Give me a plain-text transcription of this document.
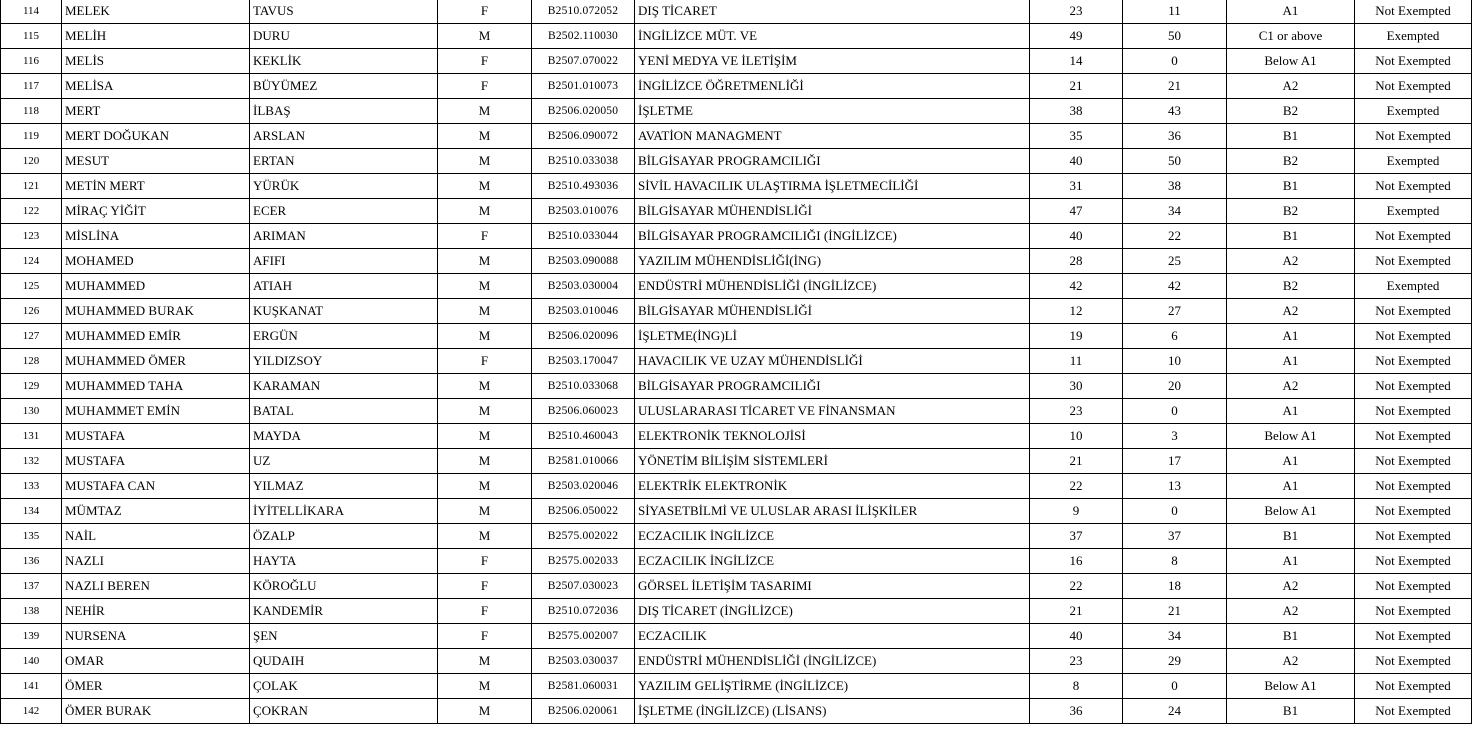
114	MELEK	TAVUS	F	B2510.072052	DIŞ TİCARET	23	11	A1	Not Exempted
115	MELİH	DURU	M	B2502.110030	İNGİLİZCE MÜT. VE	49	50	C1 or above	Exempted
116	MELİS	KEKLİK	F	B2507.070022	YENİ MEDYA VE İLETİŞİM	14	0	Below A1	Not Exempted
117	MELİSA	BÜYÜMEZ	F	B2501.010073	İNGİLİZCE ÖĞRETMENLİĞİ	21	21	A2	Not Exempted
118	MERT	İLBAŞ	M	B2506.020050	İŞLETME	38	43	B2	Exempted
119	MERT DOĞUKAN	ARSLAN	M	B2506.090072	AVATİON MANAGMENT	35	36	B1	Not Exempted
120	MESUT	ERTAN	M	B2510.033038	BİLGİSAYAR PROGRAMCILIĞI	40	50	B2	Exempted
121	METİN MERT	YÜRÜK	M	B2510.493036	SİVİL HAVACILIK ULAŞTIRMA İŞLETMECİLİĞİ	31	38	B1	Not Exempted
122	MİRAÇ YİĞİT	ECER	M	B2503.010076	BİLGİSAYAR MÜHENDİSLİĞİ	47	34	B2	Exempted
123	MİSLİNA	ARIMAN	F	B2510.033044	BİLGİSAYAR PROGRAMCILIĞI (İNGİLİZCE)	40	22	B1	Not Exempted
124	MOHAMED	AFIFI	M	B2503.090088	YAZILIM MÜHENDİSLİĞİ(İNG)	28	25	A2	Not Exempted
125	MUHAMMED	ATIAH	M	B2503.030004	ENDÜSTRİ MÜHENDİSLİĞİ (İNGİLİZCE)	42	42	B2	Exempted
126	MUHAMMED BURAK	KUŞKANAT	M	B2503.010046	BİLGİSAYAR MÜHENDİSLİĞİ	12	27	A2	Not Exempted
127	MUHAMMED EMİR	ERGÜN	M	B2506.020096	İŞLETME(İNG)Lİ	19	6	A1	Not Exempted
128	MUHAMMED ÖMER	YILDIZSOY	F	B2503.170047	HAVACILIK VE UZAY MÜHENDİSLİĞİ	11	10	A1	Not Exempted
129	MUHAMMED TAHA	KARAMAN	M	B2510.033068	BİLGİSAYAR PROGRAMCILIĞI	30	20	A2	Not Exempted
130	MUHAMMET EMİN	BATAL	M	B2506.060023	ULUSLARARASI TİCARET VE FİNANSMAN	23	0	A1	Not Exempted
131	MUSTAFA	MAYDA	M	B2510.460043	ELEKTRONİK TEKNOLOJİSİ	10	3	Below A1	Not Exempted
132	MUSTAFA	UZ	M	B2581.010066	YÖNETİM BİLİŞİM SİSTEMLERİ	21	17	A1	Not Exempted
133	MUSTAFA CAN	YILMAZ	M	B2503.020046	ELEKTRİK ELEKTRONİK	22	13	A1	Not Exempted
134	MÜMTAZ	İYİTELLİKARA	M	B2506.050022	SİYASETBİLMİ VE ULUSLAR ARASI İLİŞKİLER	9	0	Below A1	Not Exempted
135	NAİL	ÖZALP	M	B2575.002022	ECZACILIK İNGİLİZCE	37	37	B1	Not Exempted
136	NAZLI	HAYTA	F	B2575.002033	ECZACILIK İNGİLİZCE	16	8	A1	Not Exempted
137	NAZLI BEREN	KÖROĞLU	F	B2507.030023	GÖRSEL İLETİŞİM TASARIMI	22	18	A2	Not Exempted
138	NEHİR	KANDEMİR	F	B2510.072036	DIŞ TİCARET (İNGİLİZCE)	21	21	A2	Not Exempted
139	NURSENA	ŞEN	F	B2575.002007	ECZACILIK	40	34	B1	Not Exempted
140	OMAR	QUDAIH	M	B2503.030037	ENDÜSTRİ MÜHENDİSLİĞİ (İNGİLİZCE)	23	29	A2	Not Exempted
141	ÖMER	ÇOLAK	M	B2581.060031	YAZILIM GELİŞTİRME (İNGİLİZCE)	8	0	Below A1	Not Exempted
142	ÖMER BURAK	ÇOKRAN	M	B2506.020061	İŞLETME (İNGİLİZCE) (LİSANS)	36	24	B1	Not Exempted
